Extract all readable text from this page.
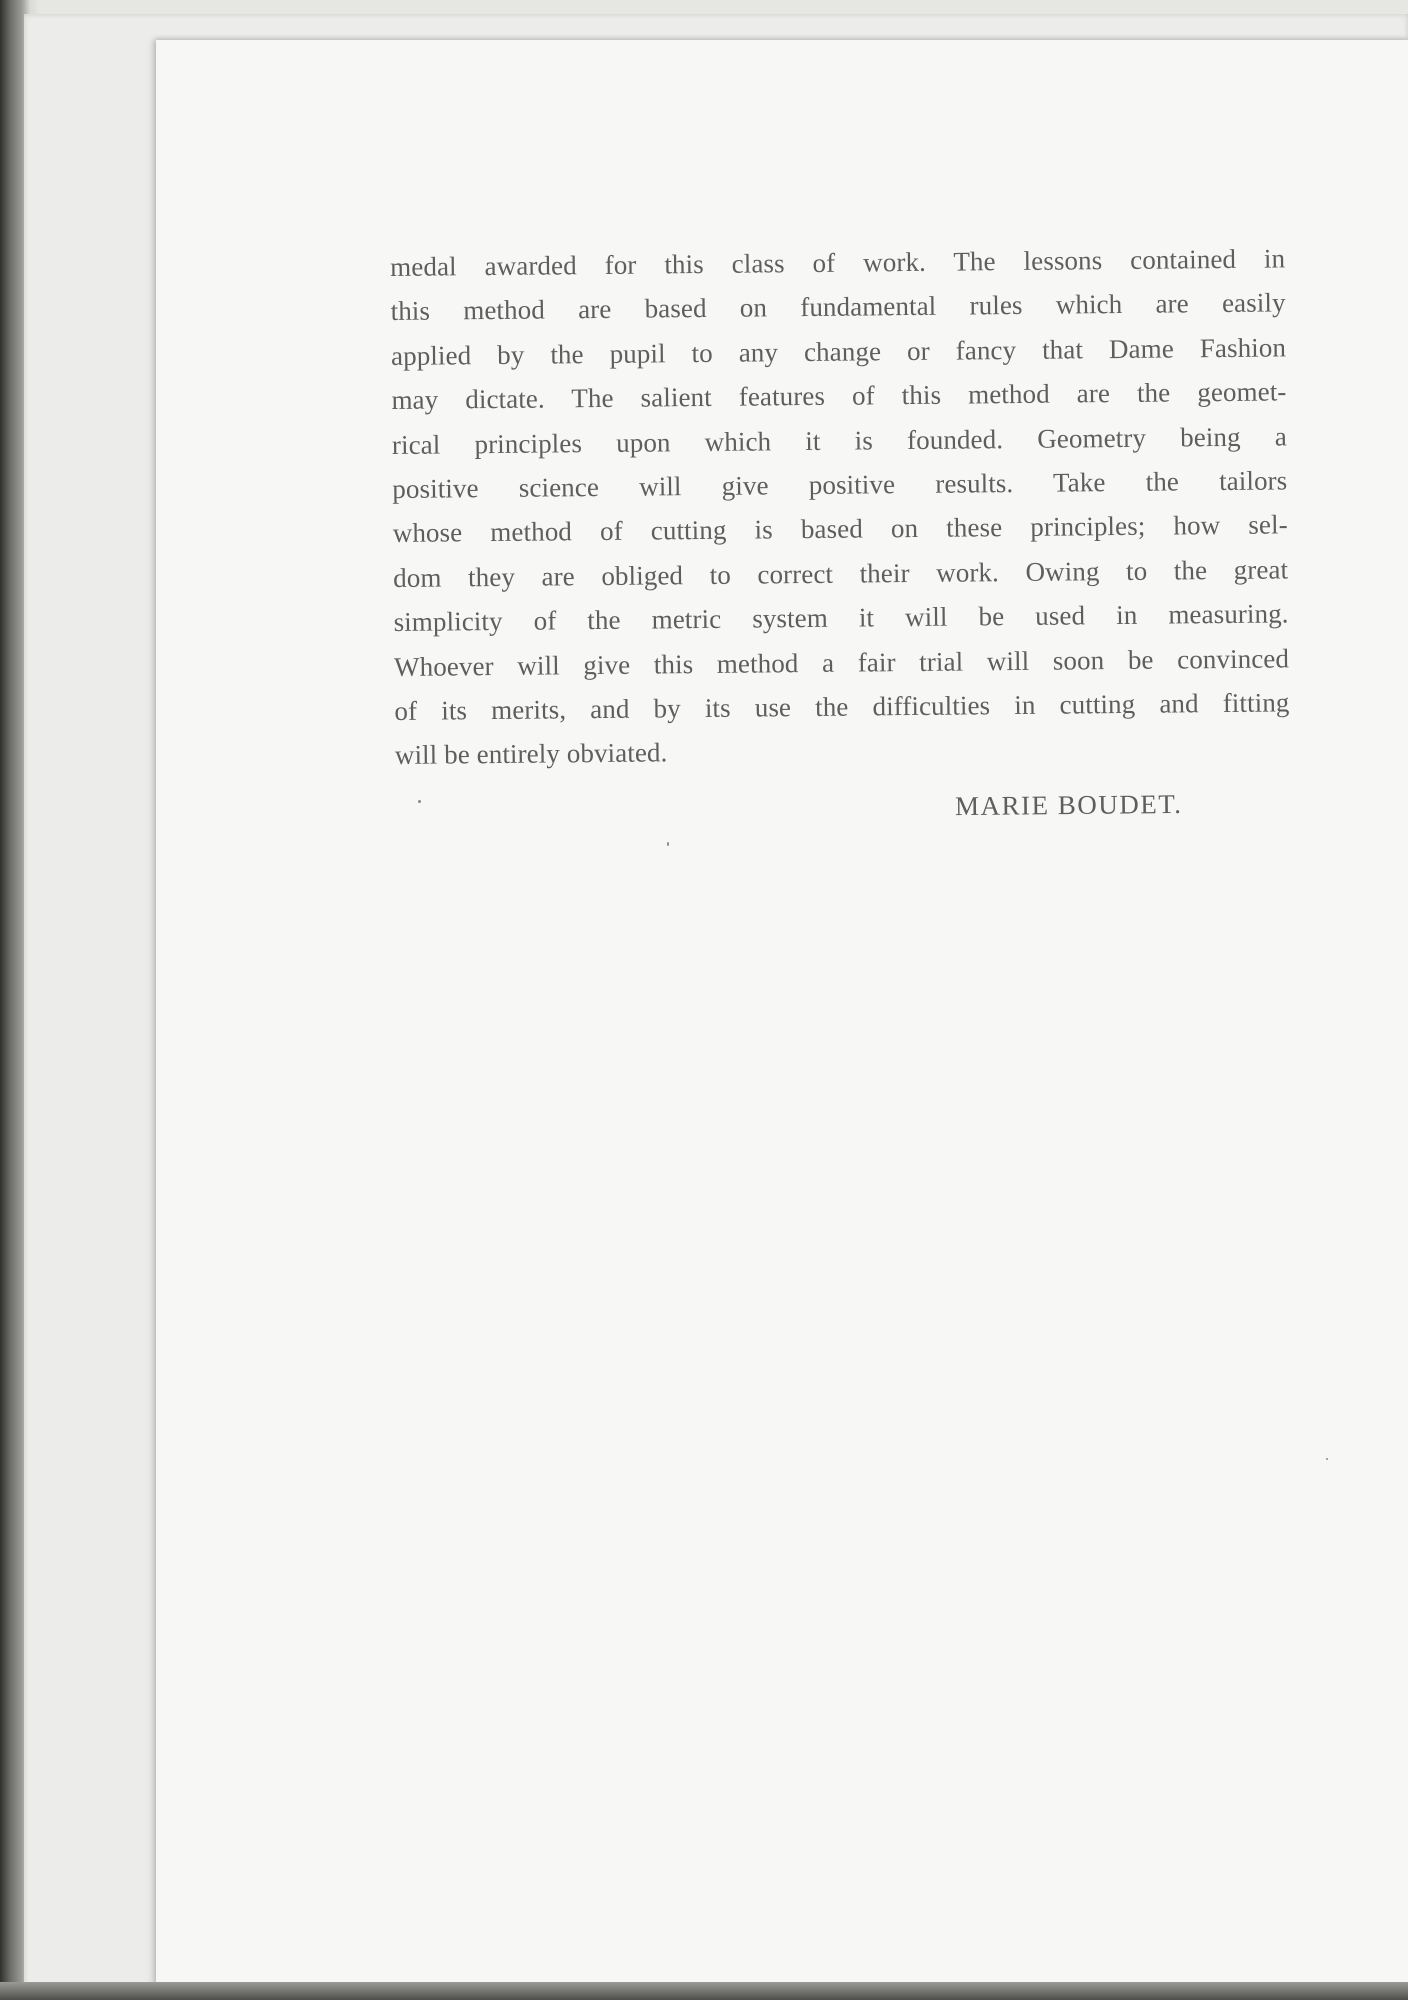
medal awarded for this class of work. The lessons contained in
this method are based on fundamental rules which are easily
applied by the pupil to any change or fancy that Dame Fashion
may dictate. The salient features of this method are the geomet-
rical principles upon which it is founded. Geometry being a
positive science will give positive results. Take the tailors
whose method of cutting is based on these principles; how sel-
dom they are obliged to correct their work. Owing to the great
simplicity of the metric system it will be used in measuring.
Whoever will give this method a fair trial will soon be convinced
of its merits, and by its use the difficulties in cutting and fitting
will be entirely obviated.
MARIE BOUDET.
